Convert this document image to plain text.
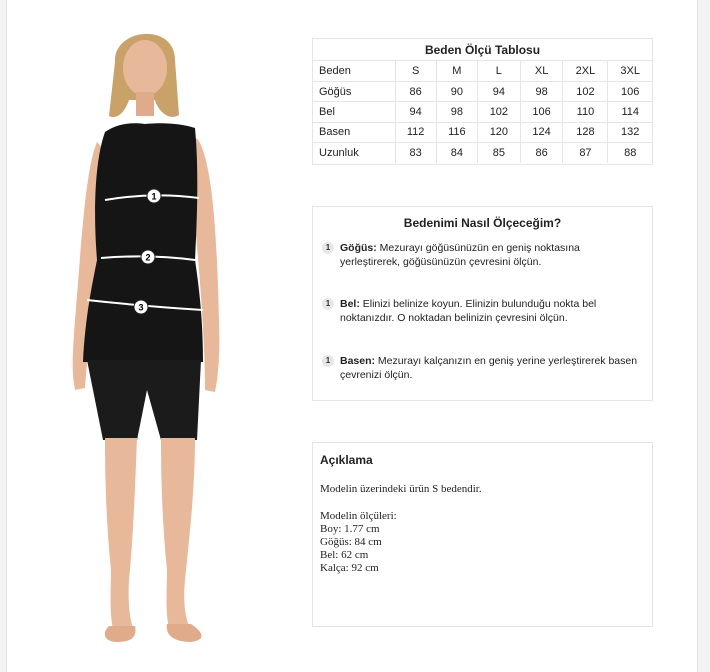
1
2
3
Beden Ölçü Tablosu
Beden	S	M	L	XL	2XL	3XL
Göğüs	86	90	94	98	102	106
Bel	94	98	102	106	110	114
Basen	112	116	120	124	128	132
Uzunluk	83	84	85	86	87	88
Bedenimi Nasıl Ölçeceğim?
1 Göğüs: Mezurayı göğüsünüzün en geniş noktasına yerleştirerek, göğüsünüzün çevresini ölçün.
1 Bel: Elinizi belinize koyun. Elinizin bulunduğu nokta bel noktanızdır. O noktadan belinizin çevresini ölçün.
1 Basen: Mezurayı kalçanızın en geniş yerine yerleştirerek basen çevrenizi ölçün.
Açıklama
Modelin üzerindeki ürün S bedendir.
Modelin ölçüleri:
Boy: 1.77 cm
Göğüs: 84 cm
Bel: 62 cm
Kalça: 92 cm
